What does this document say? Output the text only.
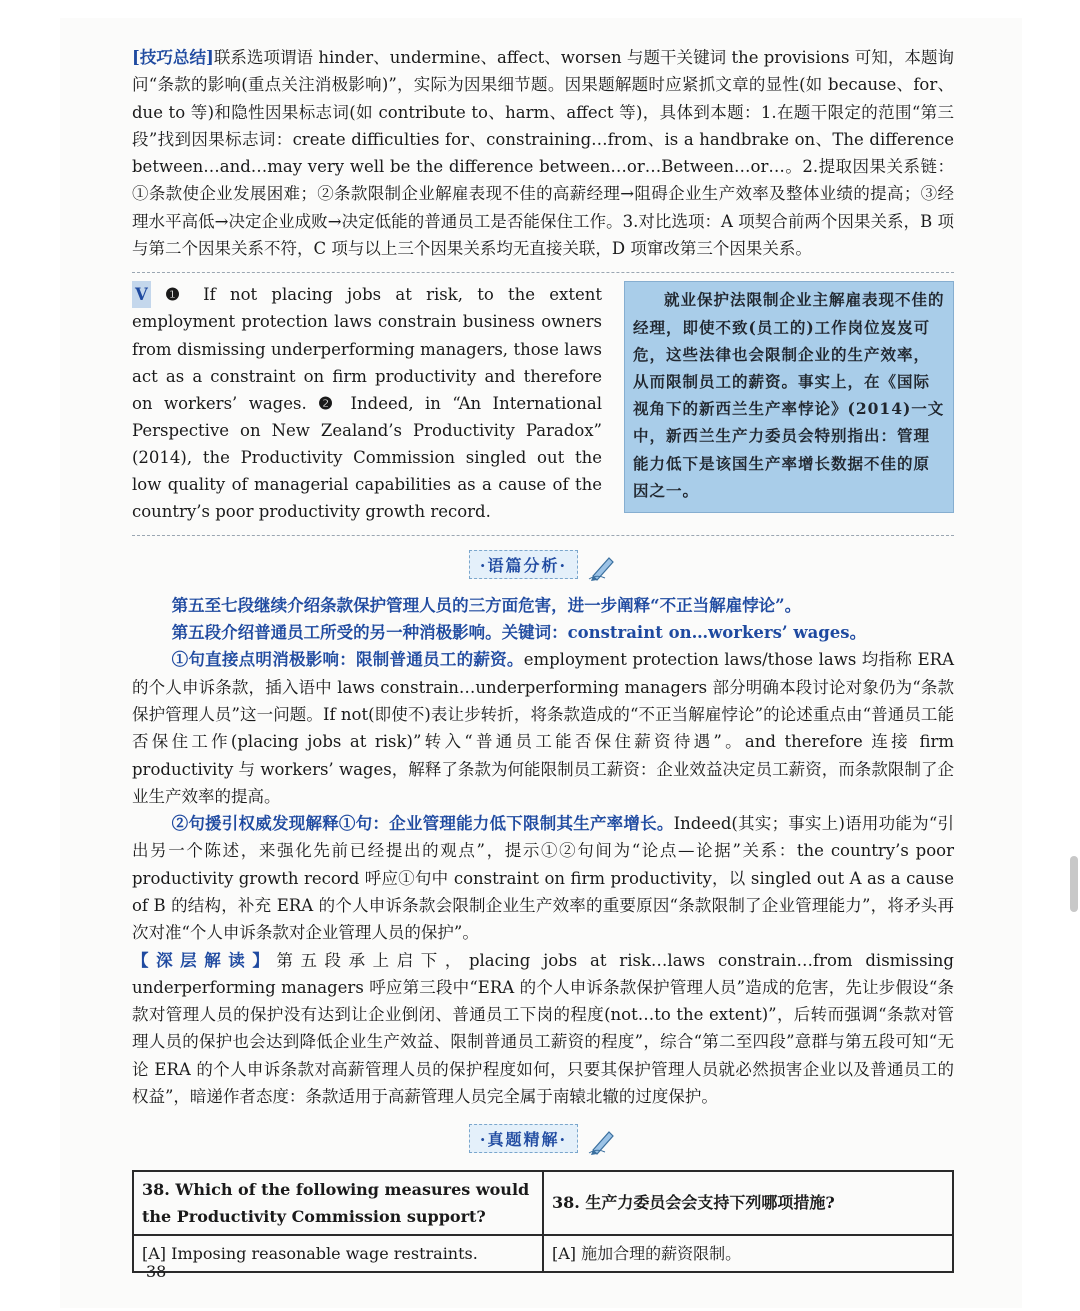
[技巧总结]联系选项谓语 hinder、undermine、affect、worsen 与题干关键词 the provisions 可知，本题询问“条款的影响(重点关注消极影响)”，实际为因果细节题。因果题解题时应紧抓文章的显性(如 because、for、due to 等)和隐性因果标志词(如 contribute to、harm、affect 等)，具体到本题：1.在题干限定的范围“第三段”找到因果标志词：create difficulties for、constraining…from、is a handbrake on、The difference between…and…may very well be the difference between…or…Between…or…。2.提取因果关系链：①条款使企业发展困难；②条款限制企业解雇表现不佳的高薪经理→阻碍企业生产效率及整体业绩的提高；③经理水平高低→决定企业成败→决定低能的普通员工是否能保住工作。3.对比选项：A 项契合前两个因果关系，B 项与第二个因果关系不符，C 项与以上三个因果关系均无直接关联，D 项窜改第三个因果关系。

V ❶ If not placing jobs at risk, to the extent employment protection laws constrain business owners from dismissing underperforming managers, those laws act as a constraint on firm productivity and therefore on workers’ wages. ❷ Indeed, in “An International Perspective on New Zealand’s Productivity Paradox” (2014), the Productivity Commission singled out the low quality of managerial capabilities as a cause of the country’s poor productivity growth record.
就业保护法限制企业主解雇表现不佳的经理，即使不致(员工的)工作岗位岌岌可危，这些法律也会限制企业的生产效率，从而限制员工的薪资。事实上，在《国际视角下的新西兰生产率悖论》(2014)一文中，新西兰生产力委员会特别指出：管理能力低下是该国生产率增长数据不佳的原因之一。
·语篇分析·

第五至七段继续介绍条款保护管理人员的三方面危害，进一步阐释“不正当解雇悖论”。

第五段介绍普通员工所受的另一种消极影响。关键词：constraint on…workers’ wages。

①句直接点明消极影响：限制普通员工的薪资。employment protection laws/those laws 均指称 ERA 的个人申诉条款，插入语中 laws constrain…underperforming managers 部分明确本段讨论对象仍为“条款保护管理人员”这一问题。If not(即使不)表让步转折，将条款造成的“不正当解雇悖论”的论述重点由“普通员工能否保住工作(placing jobs at risk)”转入“普通员工能否保住薪资待遇”。and therefore 连接 firm productivity 与 workers’ wages，解释了条款为何能限制员工薪资：企业效益决定员工薪资，而条款限制了企业生产效率的提高。

②句援引权威发现解释①句：企业管理能力低下限制其生产率增长。Indeed(其实；事实上)语用功能为“引出另一个陈述，来强化先前已经提出的观点”，提示①②句间为“论点—论据”关系：the country’s poor productivity growth record 呼应①句中 constraint on firm productivity，以 singled out A as a cause of B 的结构，补充 ERA 的个人申诉条款会限制企业生产效率的重要原因“条款限制了企业管理能力”，将矛头再次对准“个人申诉条款对企业管理人员的保护”。

【深层解读】第五段承上启下，placing jobs at risk…laws constrain…from dismissing underperforming managers 呼应第三段中“ERA 的个人申诉条款保护管理人员”造成的危害，先让步假设“条款对管理人员的保护没有达到让企业倒闭、普通员工下岗的程度(not…to the extent)”，后转而强调“条款对管理人员的保护也会达到降低企业生产效益、限制普通员工薪资的程度”，综合“第二至四段”意群与第五段可知“无论 ERA 的个人申诉条款对高薪管理人员的保护程度如何，只要其保护管理人员就必然损害企业以及普通员工的权益”，暗递作者态度：条款适用于高薪管理人员完全属于南辕北辙的过度保护。

·真题精解·
38. Which of the following measures would the Productivity Commission support?	38. 生产力委员会会支持下列哪项措施?
[A] Imposing reasonable wage restraints.	[A] 施加合理的薪资限制。
38
